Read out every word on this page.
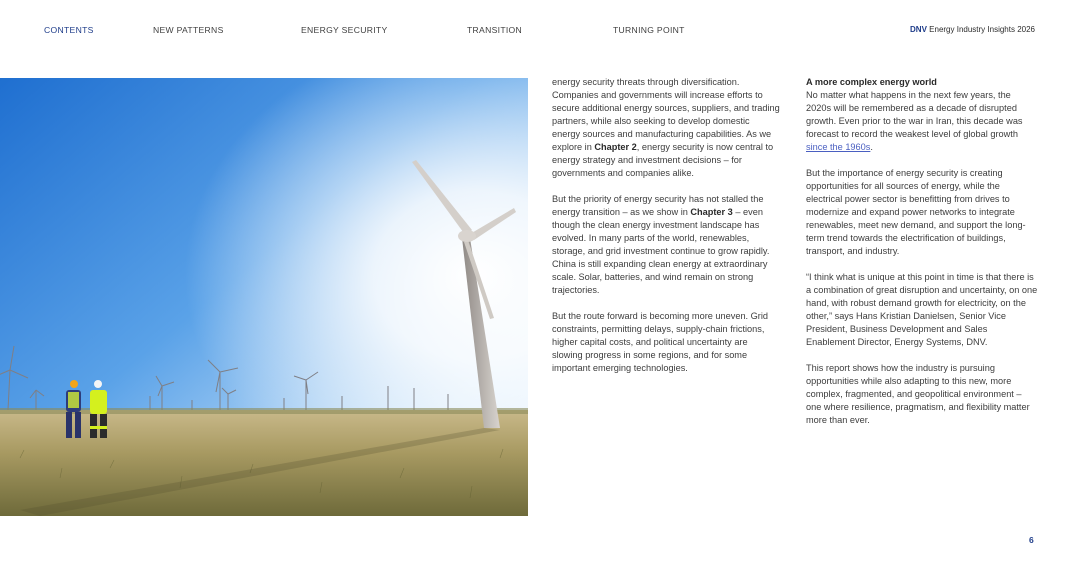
CONTENTS	NEW PATTERNS	ENERGY SECURITY	TRANSITION	TURNING POINT	DNV Energy Industry Insights 2026

energy security threats through diversification. Companies and governments will increase efforts to secure additional energy sources, suppliers, and trading partners, while also seeking to develop domestic energy sources and manufacturing capabilities. As we explore in Chapter 2, energy security is now central to energy strategy and investment decisions – for governments and companies alike.

But the priority of energy security has not stalled the energy transition – as we show in Chapter 3 – even though the clean energy investment landscape has evolved. In many parts of the world, renewables, storage, and grid investment continue to grow rapidly. China is still expanding clean energy at extraordinary scale. Solar, batteries, and wind remain on strong trajectories.

But the route forward is becoming more uneven. Grid constraints, permitting delays, supply-chain frictions, higher capital costs, and political uncertainty are slowing progress in some regions, and for some important emerging technologies.

A more complex energy world

No matter what happens in the next few years, the 2020s will be remembered as a decade of disrupted growth. Even prior to the war in Iran, this decade was forecast to record the weakest level of global growth since the 1960s.

But the importance of energy security is creating opportunities for all sources of energy, while the electrical power sector is benefitting from drives to modernize and expand power networks to integrate renewables, meet new demand, and support the long-term trend towards the electrification of buildings, transport, and industry.

“I think what is unique at this point in time is that there is a combination of great disruption and uncertainty, on one hand, with robust demand growth for electricity, on the other,” says Hans Kristian Danielsen, Senior Vice President, Business Development and Sales Enablement Director, Energy Systems, DNV.

This report shows how the industry is pursuing opportunities while also adapting to this new, more complex, fragmented, and geopolitical environment – one where resilience, pragmatism, and flexibility matter more than ever.

6
